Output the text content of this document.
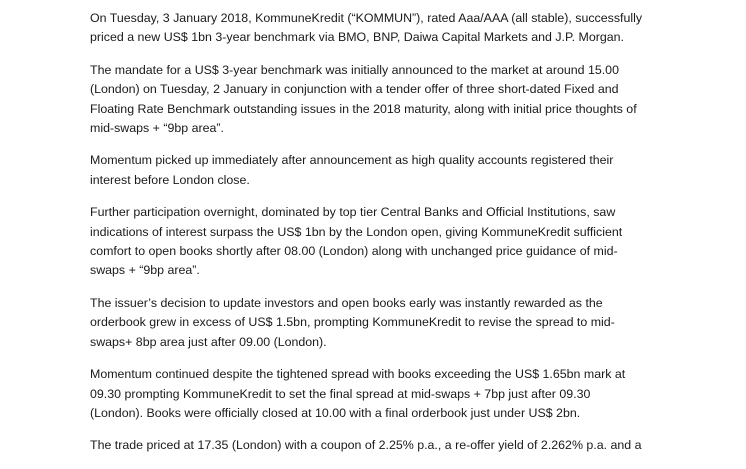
On Tuesday, 3 January 2018, KommuneKredit (“KOMMUN”), rated Aaa/AAA (all stable), successfully
priced a new US$ 1bn 3-year benchmark via BMO, BNP, Daiwa Capital Markets and J.P. Morgan.

The mandate for a US$ 3-year benchmark was initially announced to the market at around 15.00
(London) on Tuesday, 2 January in conjunction with a tender offer of three short-dated Fixed and
Floating Rate Benchmark outstanding issues in the 2018 maturity, along with initial price thoughts of
mid-swaps + “9bp area”.

Momentum picked up immediately after announcement as high quality accounts registered their
interest before London close.

Further participation overnight, dominated by top tier Central Banks and Official Institutions, saw
indications of interest surpass the US$ 1bn by the London open, giving KommuneKredit sufficient
comfort to open books shortly after 08.00 (London) along with unchanged price guidance of mid-
swaps + “9bp area”.

The issuer’s decision to update investors and open books early was instantly rewarded as the
orderbook grew in excess of US$ 1.5bn, prompting KommuneKredit to revise the spread to mid-
swaps+ 8bp area just after 09.00 (London).

Momentum continued despite the tightened spread with books exceeding the US$ 1.65bn mark at
09.30 prompting KommuneKredit to set the final spread at mid-swaps + 7bp just after 09.30
(London). Books were officially closed at 10.00 with a final orderbook just under US$ 2bn.

The trade priced at 17.35 (London) with a coupon of 2.25% p.a., a re-offer yield of 2.262% p.a. and a
